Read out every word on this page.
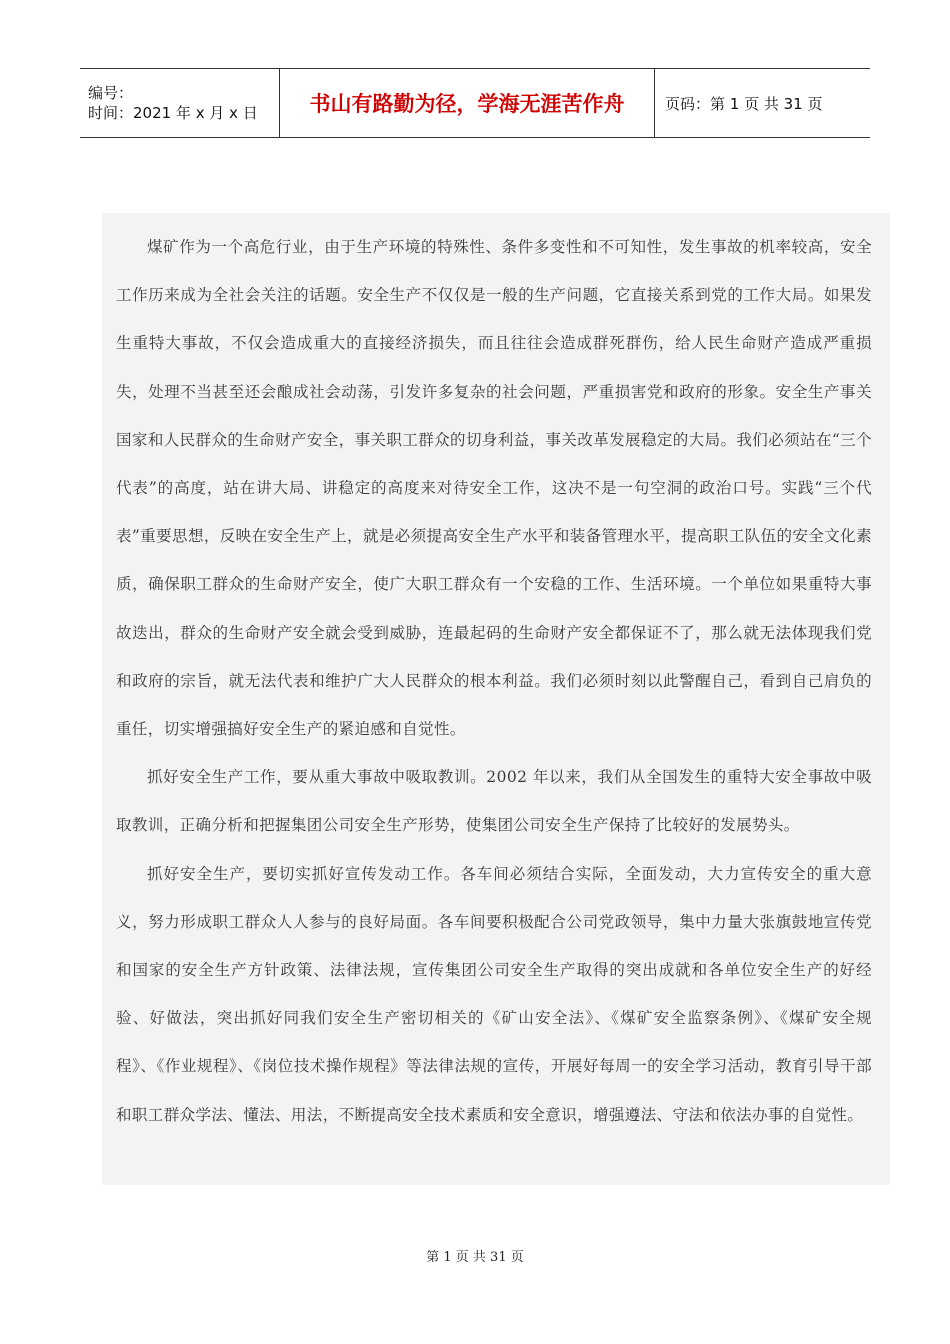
编号：
时间：2021 年 x 月 x 日	书山有路勤为径，学海无涯苦作舟	页码：第 1 页 共 31 页

煤矿作为一个高危行业，由于生产环境的特殊性、条件多变性和不可知性，发生事故的机率较高，安全工作历来成为全社会关注的话题。安全生产不仅仅是一般的生产问题，它直接关系到党的工作大局。如果发生重特大事故，不仅会造成重大的直接经济损失，而且往往会造成群死群伤，给人民生命财产造成严重损失，处理不当甚至还会酿成社会动荡，引发许多复杂的社会问题，严重损害党和政府的形象。安全生产事关国家和人民群众的生命财产安全，事关职工群众的切身利益，事关改革发展稳定的大局。我们必须站在“三个代表”的高度，站在讲大局、讲稳定的高度来对待安全工作，这决不是一句空洞的政治口号。实践“三个代表”重要思想，反映在安全生产上，就是必须提高安全生产水平和装备管理水平，提高职工队伍的安全文化素质，确保职工群众的生命财产安全，使广大职工群众有一个安稳的工作、生活环境。一个单位如果重特大事故迭出，群众的生命财产安全就会受到威胁，连最起码的生命财产安全都保证不了，那么就无法体现我们党和政府的宗旨，就无法代表和维护广大人民群众的根本利益。我们必须时刻以此警醒自己，看到自己肩负的重任，切实增强搞好安全生产的紧迫感和自觉性。

抓好安全生产工作，要从重大事故中吸取教训。2002 年以来，我们从全国发生的重特大安全事故中吸取教训，正确分析和把握集团公司安全生产形势，使集团公司安全生产保持了比较好的发展势头。

抓好安全生产，要切实抓好宣传发动工作。各车间必须结合实际，全面发动，大力宣传安全的重大意义，努力形成职工群众人人参与的良好局面。各车间要积极配合公司党政领导，集中力量大张旗鼓地宣传党和国家的安全生产方针政策、法律法规，宣传集团公司安全生产取得的突出成就和各单位安全生产的好经验、好做法，突出抓好同我们安全生产密切相关的《矿山安全法》、《煤矿安全监察条例》、《煤矿安全规程》、《作业规程》、《岗位技术操作规程》等法律法规的宣传，开展好每周一的安全学习活动，教育引导干部和职工群众学法、懂法、用法，不断提高安全技术素质和安全意识，增强遵法、守法和依法办事的自觉性。

第 1 页 共 31 页
